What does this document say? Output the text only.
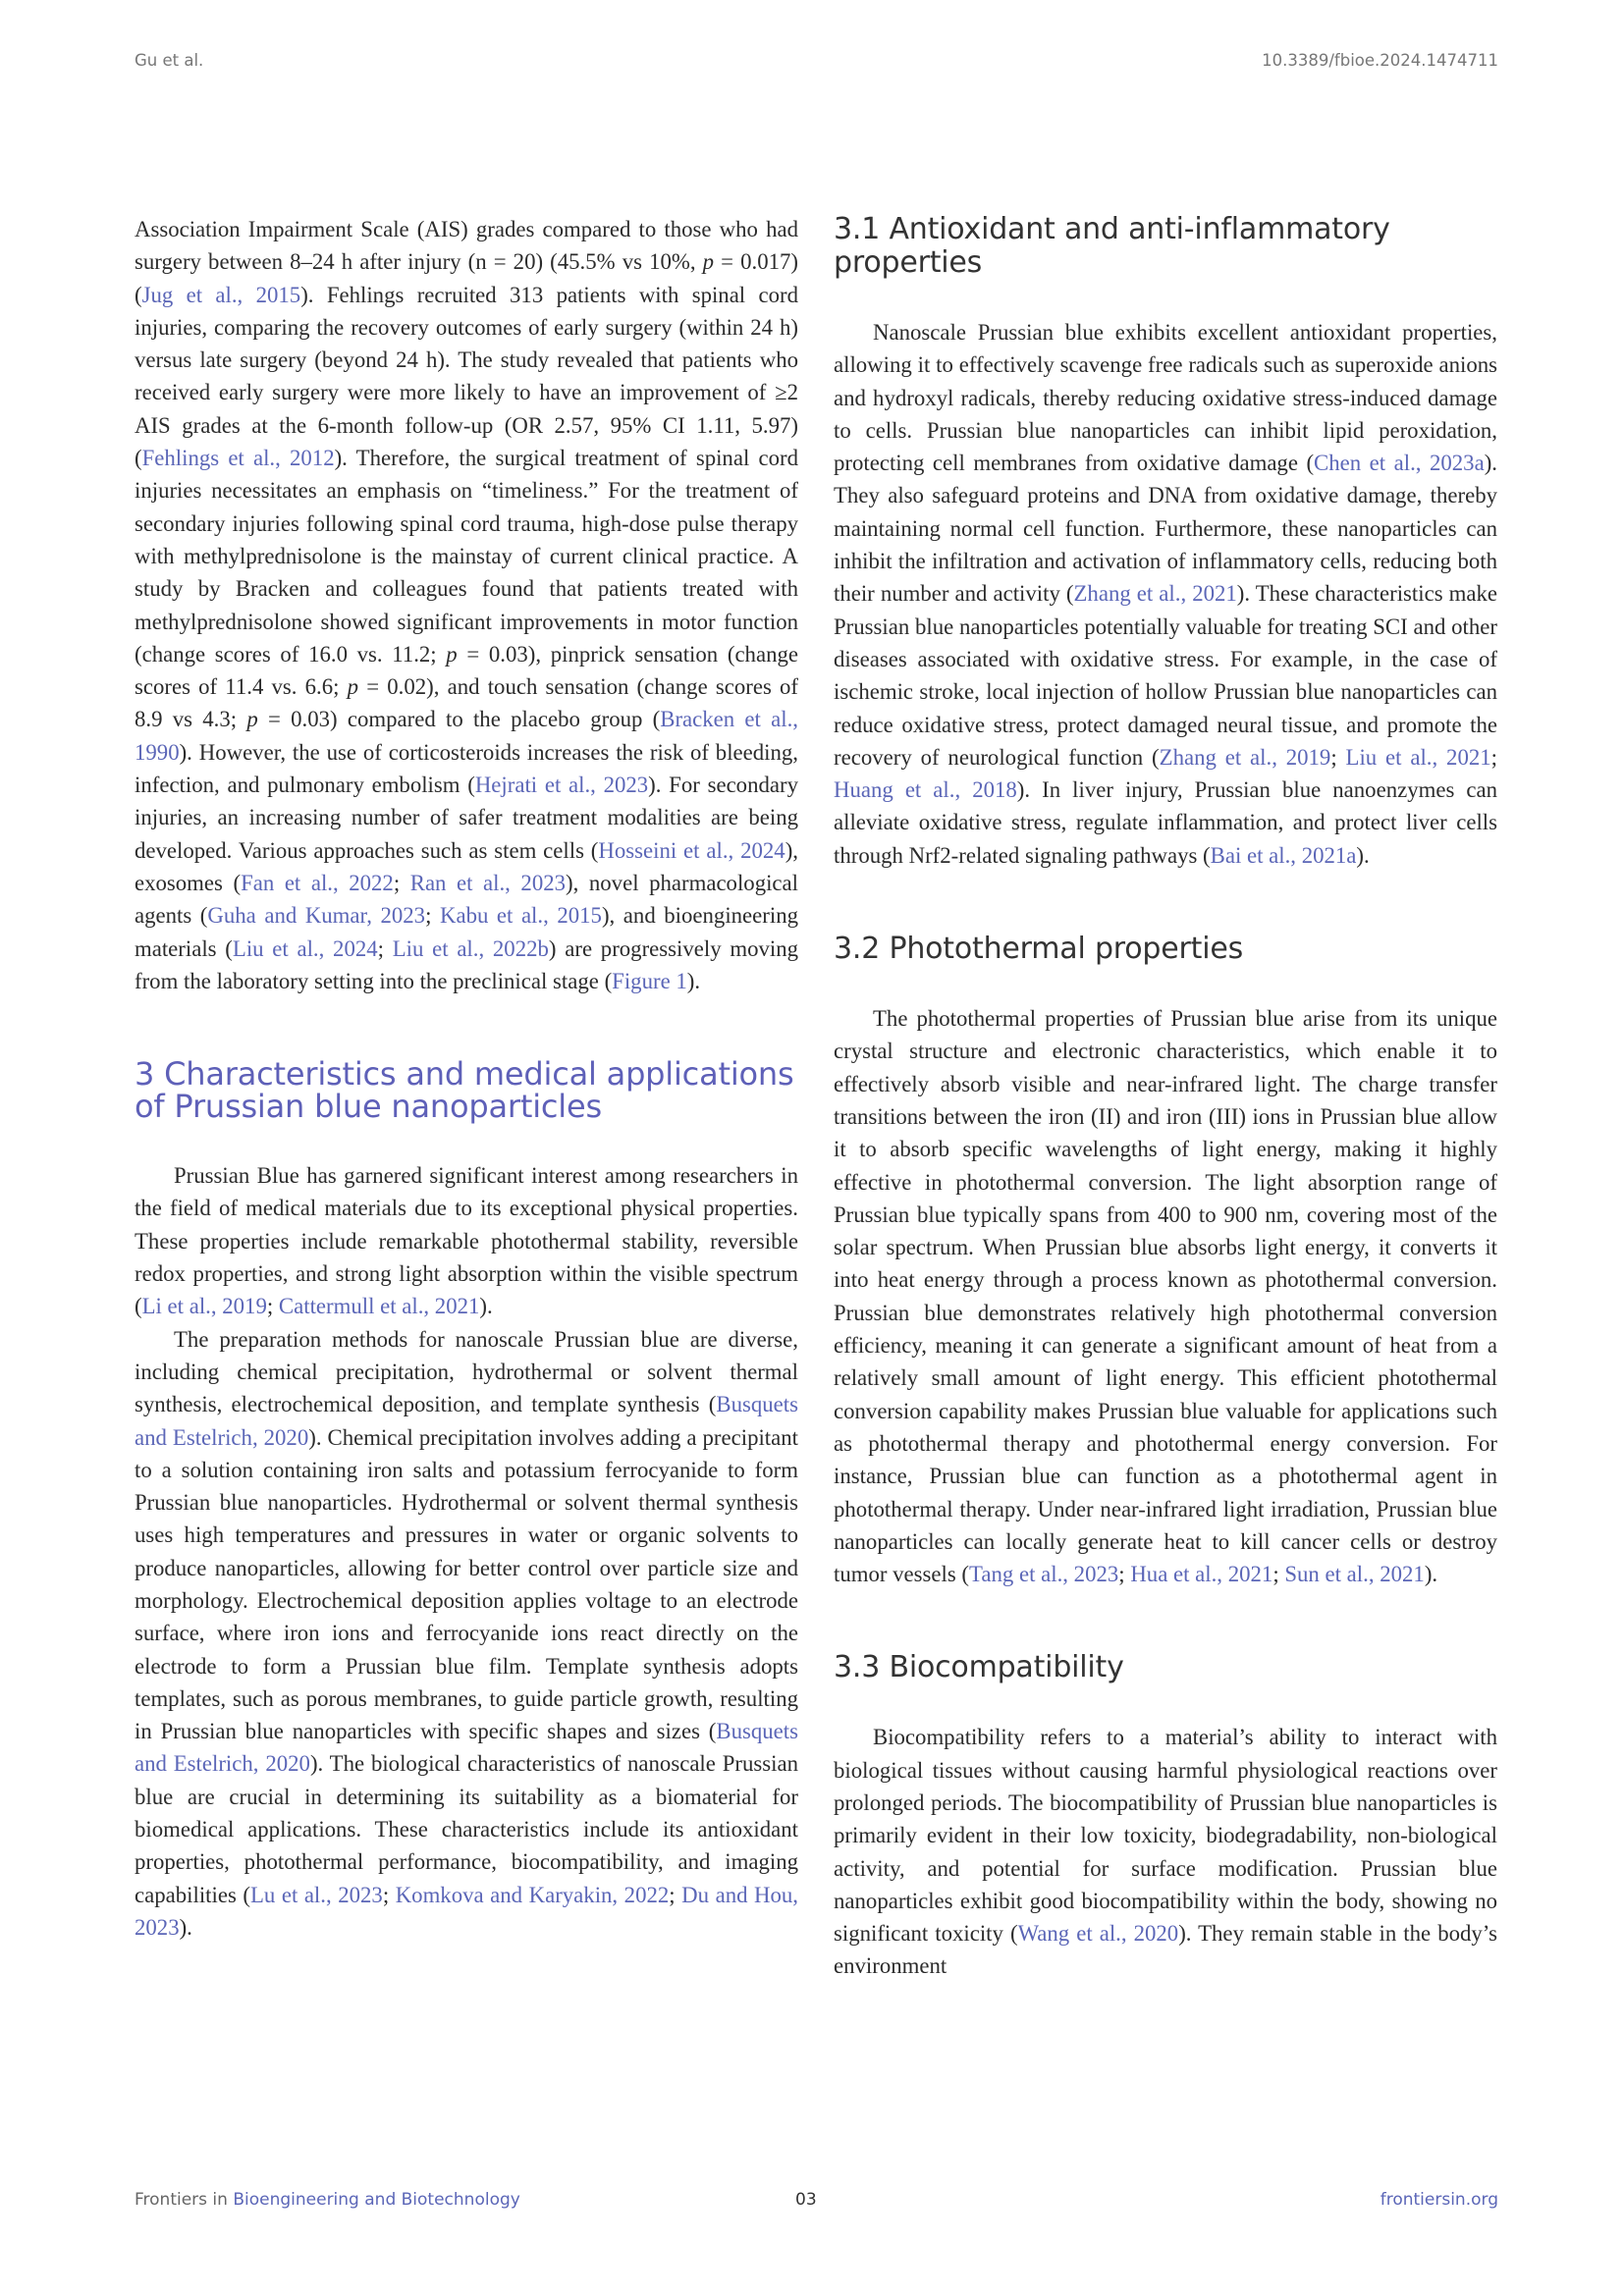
Gu et al.	10.3389/fbioe.2024.1474711

Association Impairment Scale (AIS) grades compared to those who had surgery between 8–24 h after injury (n = 20) (45.5% vs 10%, p = 0.017) (Jug et al., 2015). Fehlings recruited 313 patients with spinal cord injuries, comparing the recovery outcomes of early surgery (within 24 h) versus late surgery (beyond 24 h). The study revealed that patients who received early surgery were more likely to have an improvement of ≥2 AIS grades at the 6-month follow-up (OR 2.57, 95% CI 1.11, 5.97) (Fehlings et al., 2012). Therefore, the surgical treatment of spinal cord injuries necessitates an emphasis on “timeliness.” For the treatment of secondary injuries following spinal cord trauma, high-dose pulse therapy with methylprednisolone is the mainstay of current clinical practice. A study by Bracken and colleagues found that patients treated with methylprednisolone showed significant improvements in motor function (change scores of 16.0 vs. 11.2; p = 0.03), pinprick sensation (change scores of 11.4 vs. 6.6; p = 0.02), and touch sensation (change scores of 8.9 vs 4.3; p = 0.03) compared to the placebo group (Bracken et al., 1990). However, the use of corticosteroids increases the risk of bleeding, infection, and pulmonary embolism (Hejrati et al., 2023). For secondary injuries, an increasing number of safer treatment modalities are being developed. Various approaches such as stem cells (Hosseini et al., 2024), exosomes (Fan et al., 2022; Ran et al., 2023), novel pharmacological agents (Guha and Kumar, 2023; Kabu et al., 2015), and bioengineering materials (Liu et al., 2024; Liu et al., 2022b) are progressively moving from the laboratory setting into the preclinical stage (Figure 1).

3 Characteristics and medical applications of Prussian blue nanoparticles

Prussian Blue has garnered significant interest among researchers in the field of medical materials due to its exceptional physical properties. These properties include remarkable photothermal stability, reversible redox properties, and strong light absorption within the visible spectrum (Li et al., 2019; Cattermull et al., 2021).

The preparation methods for nanoscale Prussian blue are diverse, including chemical precipitation, hydrothermal or solvent thermal synthesis, electrochemical deposition, and template synthesis (Busquets and Estelrich, 2020). Chemical precipitation involves adding a precipitant to a solution containing iron salts and potassium ferrocyanide to form Prussian blue nanoparticles. Hydrothermal or solvent thermal synthesis uses high temperatures and pressures in water or organic solvents to produce nanoparticles, allowing for better control over particle size and morphology. Electrochemical deposition applies voltage to an electrode surface, where iron ions and ferrocyanide ions react directly on the electrode to form a Prussian blue film. Template synthesis adopts templates, such as porous membranes, to guide particle growth, resulting in Prussian blue nanoparticles with specific shapes and sizes (Busquets and Estelrich, 2020). The biological characteristics of nanoscale Prussian blue are crucial in determining its suitability as a biomaterial for biomedical applications. These characteristics include its antioxidant properties, photothermal performance, biocompatibility, and imaging capabilities (Lu et al., 2023; Komkova and Karyakin, 2022; Du and Hou, 2023).

3.1 Antioxidant and anti-inflammatory properties

Nanoscale Prussian blue exhibits excellent antioxidant properties, allowing it to effectively scavenge free radicals such as superoxide anions and hydroxyl radicals, thereby reducing oxidative stress-induced damage to cells. Prussian blue nanoparticles can inhibit lipid peroxidation, protecting cell membranes from oxidative damage (Chen et al., 2023a). They also safeguard proteins and DNA from oxidative damage, thereby maintaining normal cell function. Furthermore, these nanoparticles can inhibit the infiltration and activation of inflammatory cells, reducing both their number and activity (Zhang et al., 2021). These characteristics make Prussian blue nanoparticles potentially valuable for treating SCI and other diseases associated with oxidative stress. For example, in the case of ischemic stroke, local injection of hollow Prussian blue nanoparticles can reduce oxidative stress, protect damaged neural tissue, and promote the recovery of neurological function (Zhang et al., 2019; Liu et al., 2021; Huang et al., 2018). In liver injury, Prussian blue nanoenzymes can alleviate oxidative stress, regulate inflammation, and protect liver cells through Nrf2-related signaling pathways (Bai et al., 2021a).

3.2 Photothermal properties

The photothermal properties of Prussian blue arise from its unique crystal structure and electronic characteristics, which enable it to effectively absorb visible and near-infrared light. The charge transfer transitions between the iron (II) and iron (III) ions in Prussian blue allow it to absorb specific wavelengths of light energy, making it highly effective in photothermal conversion. The light absorption range of Prussian blue typically spans from 400 to 900 nm, covering most of the solar spectrum. When Prussian blue absorbs light energy, it converts it into heat energy through a process known as photothermal conversion. Prussian blue demonstrates relatively high photothermal conversion efficiency, meaning it can generate a significant amount of heat from a relatively small amount of light energy. This efficient photothermal conversion capability makes Prussian blue valuable for applications such as photothermal therapy and photothermal energy conversion. For instance, Prussian blue can function as a photothermal agent in photothermal therapy. Under near-infrared light irradiation, Prussian blue nanoparticles can locally generate heat to kill cancer cells or destroy tumor vessels (Tang et al., 2023; Hua et al., 2021; Sun et al., 2021).

3.3 Biocompatibility

Biocompatibility refers to a material’s ability to interact with biological tissues without causing harmful physiological reactions over prolonged periods. The biocompatibility of Prussian blue nanoparticles is primarily evident in their low toxicity, biodegradability, non-biological activity, and potential for surface modification. Prussian blue nanoparticles exhibit good biocompatibility within the body, showing no significant toxicity (Wang et al., 2020). They remain stable in the body’s environment

Frontiers in Bioengineering and Biotechnology	03	frontiersin.org
